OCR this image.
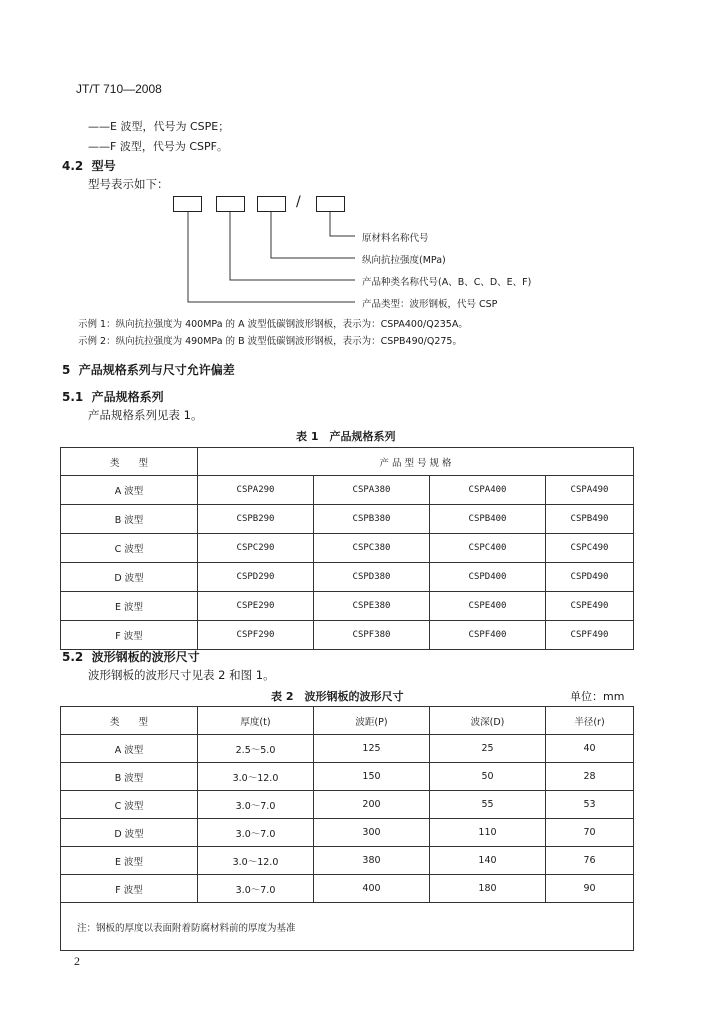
JT/T 710—2008
——E 波型，代号为 CSPE；
——F 波型，代号为 CSPF。
4.2 型号
型号表示如下：
/
原材料名称代号
纵向抗拉强度(MPa)
产品种类名称代号(A、B、C、D、E、F)
产品类型：波形钢板，代号 CSP
示例 1：纵向抗拉强度为 400MPa 的 A 波型低碳钢波形钢板，表示为：CSPA400/Q235A。
示例 2：纵向抗拉强度为 490MPa 的 B 波型低碳钢波形钢板，表示为：CSPB490/Q275。
5 产品规格系列与尺寸允许偏差
5.1 产品规格系列
产品规格系列见表 1。
表 1　产品规格系列
类　　型	产 品 型 号 规 格			
A 波型	CSPA290	CSPA380	CSPA400	CSPA490
B 波型	CSPB290	CSPB380	CSPB400	CSPB490
C 波型	CSPC290	CSPC380	CSPC400	CSPC490
D 波型	CSPD290	CSPD380	CSPD400	CSPD490
E 波型	CSPE290	CSPE380	CSPE400	CSPE490
F 波型	CSPF290	CSPF380	CSPF400	CSPF490
5.2 波形钢板的波形尺寸
波形钢板的波形尺寸见表 2 和图 1。
表 2　波形钢板的波形尺寸	单位：mm
类　　型	厚度(t)	波距(P)	波深(D)	半径(r)
A 波型	2.5～5.0	125	25	40
B 波型	3.0～12.0	150	50	28
C 波型	3.0～7.0	200	55	53
D 波型	3.0～7.0	300	110	70
E 波型	3.0～12.0	380	140	76
F 波型	3.0～7.0	400	180	90
注：钢板的厚度以表面附着防腐材料前的厚度为基准				
2
